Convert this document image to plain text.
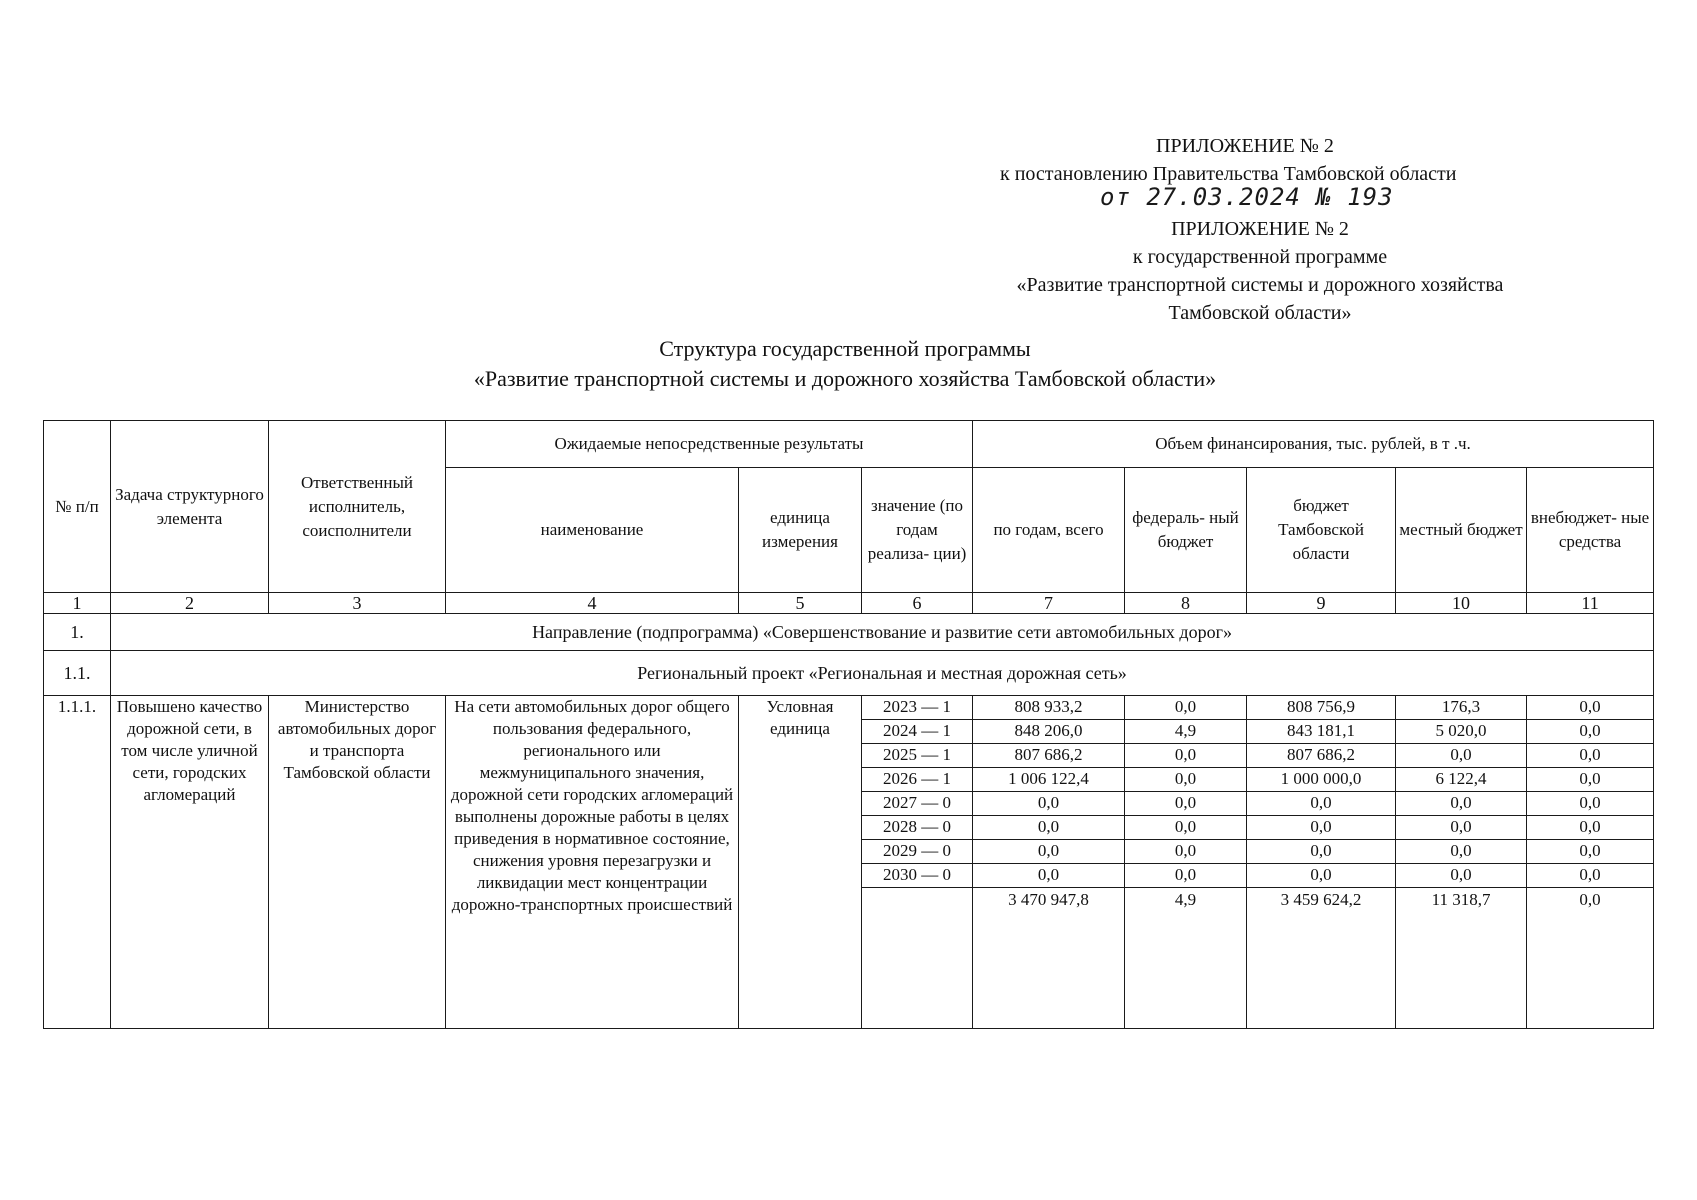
ПРИЛОЖЕНИЕ № 2
к постановлению Правительства Тамбовской области
от 27.03.2024 № 193
ПРИЛОЖЕНИЕ № 2
к государственной программе
«Развитие транспортной системы и дорожного хозяйства
Тамбовской области»
Структура государственной программы
«Развитие транспортной системы и дорожного хозяйства Тамбовской области»
№ п/п	Задача структурного элемента	Ответственный исполнитель, соисполнители	Ожидаемые непосредственные результаты			Объем финансирования, тыс. рублей, в т .ч.				
			наименование	единица измерения	значение (по годам реализа- ции)	по годам, всего	федераль- ный бюджет	бюджет Тамбовской области	местный бюджет	внебюджет- ные средства
1	2	3	4	5	6	7	8	9	10	11
1.	Направление (подпрограмма) «Совершенствование и развитие сети автомобильных дорог»									
1.1.	Региональный проект «Региональная и местная дорожная сеть»									
1.1.1.	Повышено качество дорожной сети, в том числе уличной сети, городских агломераций	Министерство автомобильных дорог и транспорта Тамбовской области	На сети автомобильных дорог общего пользования федерального, регионального или межмуниципального значения, дорожной сети городских агломераций выполнены дорожные работы в целях приведения в нормативное состояние, снижения уровня перезагрузки и ликвидации мест концентрации дорожно-транспортных происшествий	Условная единица	2023 — 1	808 933,2	0,0	808 756,9	176,3	0,0
					2024 — 1	848 206,0	4,9	843 181,1	5 020,0	0,0
					2025 — 1	807 686,2	0,0	807 686,2	0,0	0,0
					2026 — 1	1 006 122,4	0,0	1 000 000,0	6 122,4	0,0
					2027 — 0	0,0	0,0	0,0	0,0	0,0
					2028 — 0	0,0	0,0	0,0	0,0	0,0
					2029 — 0	0,0	0,0	0,0	0,0	0,0
					2030 — 0	0,0	0,0	0,0	0,0	0,0
						3 470 947,8	4,9	3 459 624,2	11 318,7	0,0
